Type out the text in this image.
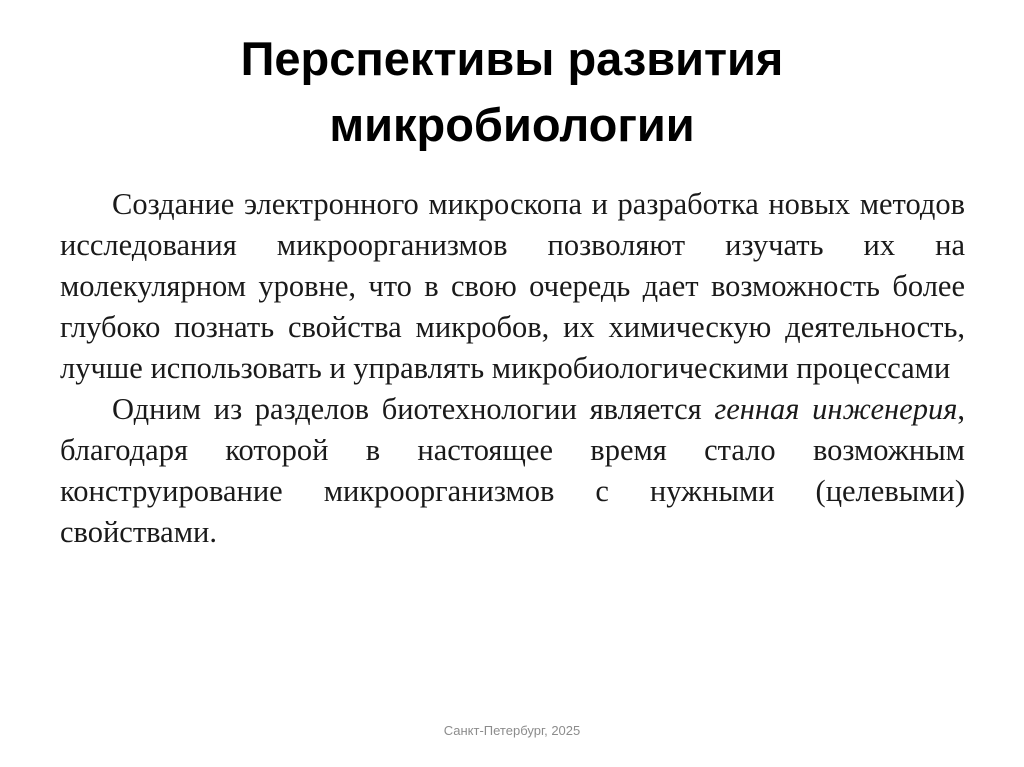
Перспективы развития
микробиологии

Создание электронного микроскопа и разработка новых методов исследования микроорганизмов позволяют изучать их на молекулярном уровне, что в свою очередь дает возможность более глубоко познать свойства микробов, их химическую деятельность, лучше использовать и управлять микробиологическими процессами

Одним из разделов биотехнологии является генная инженерия, благодаря которой в настоящее время стало возможным конструирование микроорганизмов с нужными (целевыми) свойствами.

Санкт-Петербург, 2025
